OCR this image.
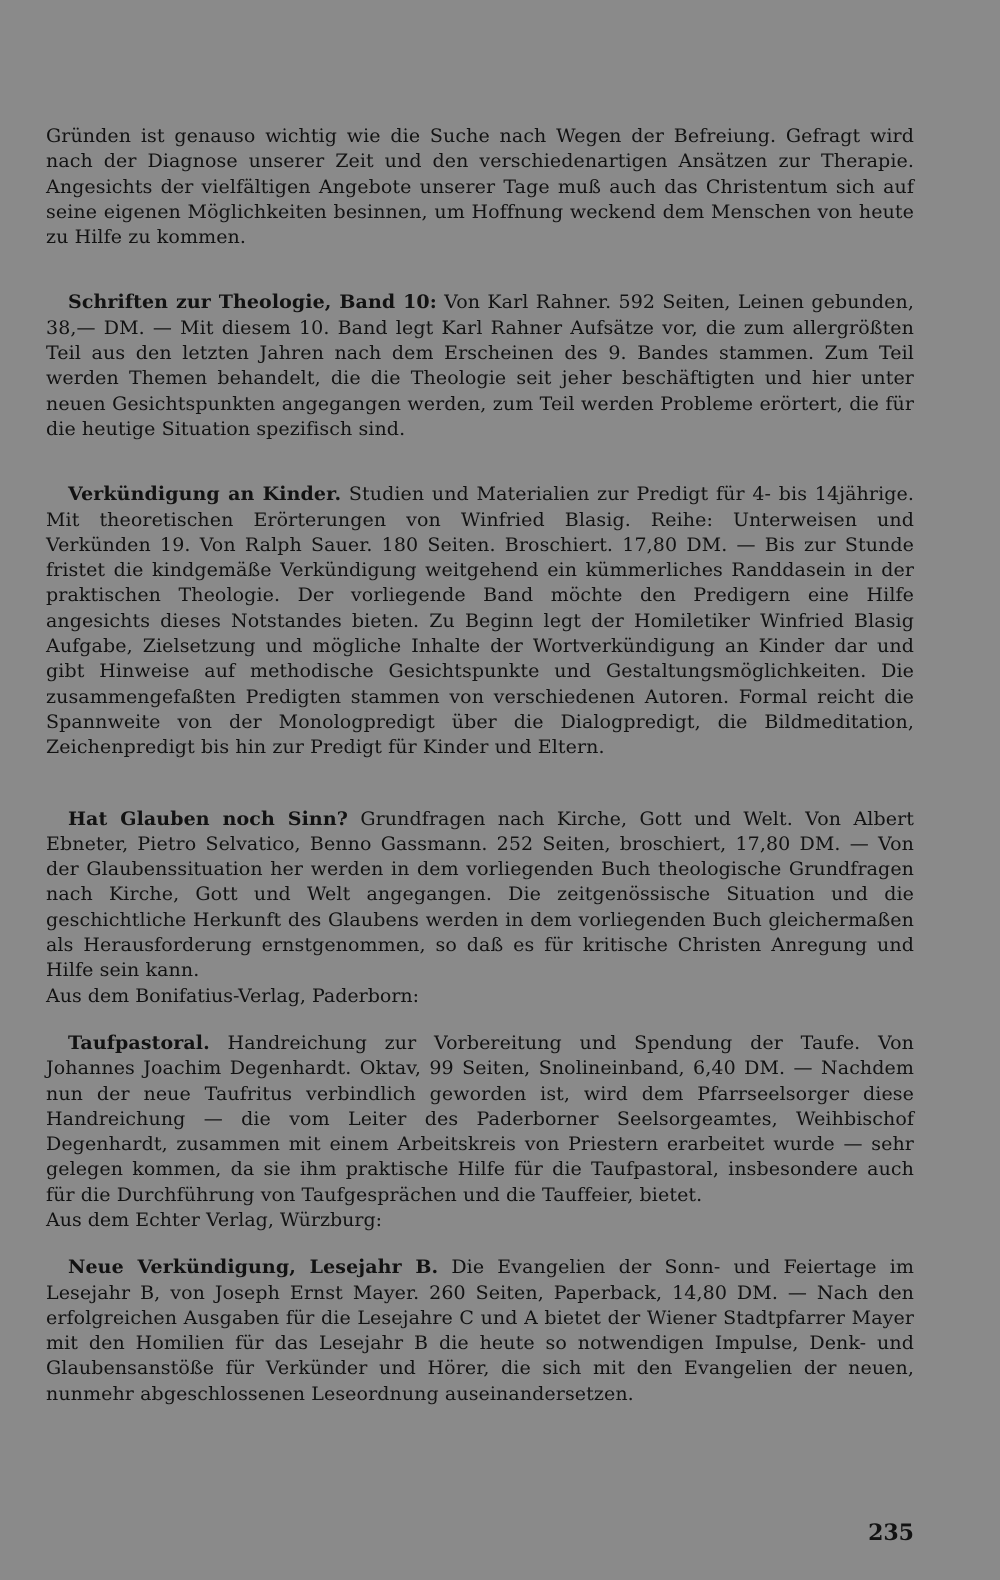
Gründen ist genauso wichtig wie die Suche nach Wegen der Befreiung. Gefragt wird nach der Diagnose unserer Zeit und den verschiedenartigen Ansätzen zur Therapie. Angesichts der vielfältigen Angebote unserer Tage muß auch das Christentum sich auf seine eigenen Möglichkeiten besinnen, um Hoffnung weckend dem Menschen von heute zu Hilfe zu kommen.

Schriften zur Theologie, Band 10: Von Karl Rahner. 592 Seiten, Leinen gebunden, 38,— DM. — Mit diesem 10. Band legt Karl Rahner Aufsätze vor, die zum allergrößten Teil aus den letzten Jahren nach dem Erscheinen des 9. Bandes stammen. Zum Teil werden Themen behandelt, die die Theologie seit jeher beschäftigten und hier unter neuen Gesichtspunkten angegangen werden, zum Teil werden Probleme erörtert, die für die heutige Situation spezifisch sind.

Verkündigung an Kinder. Studien und Materialien zur Predigt für 4- bis 14jährige. Mit theoretischen Erörterungen von Winfried Blasig. Reihe: Unterweisen und Verkünden 19. Von Ralph Sauer. 180 Seiten. Broschiert. 17,80 DM. — Bis zur Stunde fristet die kindgemäße Verkündigung weitgehend ein kümmerliches Randdasein in der praktischen Theologie. Der vorliegende Band möchte den Predigern eine Hilfe angesichts dieses Notstandes bieten. Zu Beginn legt der Homiletiker Winfried Blasig Aufgabe, Zielsetzung und mögliche Inhalte der Wortverkündigung an Kinder dar und gibt Hinweise auf methodische Gesichtspunkte und Gestaltungsmöglichkeiten. Die zusammengefaßten Predigten stammen von verschiedenen Autoren. Formal reicht die Spannweite von der Monologpredigt über die Dialogpredigt, die Bildmeditation, Zeichenpredigt bis hin zur Predigt für Kinder und Eltern.

Hat Glauben noch Sinn? Grundfragen nach Kirche, Gott und Welt. Von Albert Ebneter, Pietro Selvatico, Benno Gassmann. 252 Seiten, broschiert, 17,80 DM. — Von der Glaubenssituation her werden in dem vorliegenden Buch theologische Grundfragen nach Kirche, Gott und Welt angegangen. Die zeitgenössische Situation und die geschichtliche Herkunft des Glaubens werden in dem vorliegenden Buch gleichermaßen als Herausforderung ernstgenommen, so daß es für kritische Christen Anregung und Hilfe sein kann.

Aus dem Bonifatius-Verlag, Paderborn:

Taufpastoral. Handreichung zur Vorbereitung und Spendung der Taufe. Von Johannes Joachim Degenhardt. Oktav, 99 Seiten, Snolineinband, 6,40 DM. — Nachdem nun der neue Taufritus verbindlich geworden ist, wird dem Pfarrseelsorger diese Handreichung — die vom Leiter des Paderborner Seelsorgeamtes, Weihbischof Degenhardt, zusammen mit einem Arbeitskreis von Priestern erarbeitet wurde — sehr gelegen kommen, da sie ihm praktische Hilfe für die Taufpastoral, insbesondere auch für die Durchführung von Taufgesprächen und die Tauffeier, bietet.

Aus dem Echter Verlag, Würzburg:

Neue Verkündigung, Lesejahr B. Die Evangelien der Sonn- und Feiertage im Lesejahr B, von Joseph Ernst Mayer. 260 Seiten, Paperback, 14,80 DM. — Nach den erfolgreichen Ausgaben für die Lesejahre C und A bietet der Wiener Stadtpfarrer Mayer mit den Homilien für das Lesejahr B die heute so notwendigen Impulse, Denk- und Glaubensanstöße für Verkünder und Hörer, die sich mit den Evangelien der neuen, nunmehr abgeschlossenen Leseordnung auseinandersetzen.

235
